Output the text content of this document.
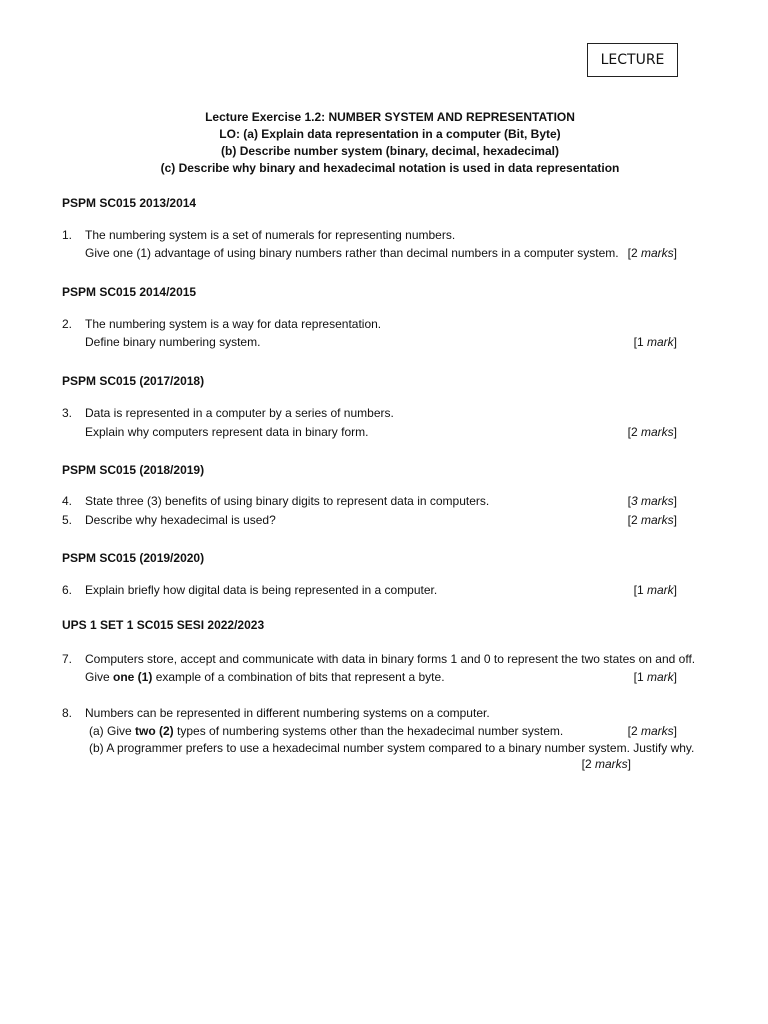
LECTURE
Lecture Exercise 1.2: NUMBER SYSTEM AND REPRESENTATION
LO: (a) Explain data representation in a computer (Bit, Byte)
(b) Describe number system (binary, decimal, hexadecimal)
(c) Describe why binary and hexadecimal notation is used in data representation
PSPM SC015 2013/2014
1. The numbering system is a set of numerals for representing numbers.
Give one (1) advantage of using binary numbers rather than decimal numbers in a computer system. [2 marks]
PSPM SC015 2014/2015
2. The numbering system is a way for data representation.
Define binary numbering system.	[1 mark]
PSPM SC015 (2017/2018)
3. Data is represented in a computer by a series of numbers.
Explain why computers represent data in binary form.	[2 marks]
PSPM SC015 (2018/2019)
4. State three (3) benefits of using binary digits to represent data in computers.	[3 marks]
5. Describe why hexadecimal is used?	[2 marks]
PSPM SC015 (2019/2020)
6. Explain briefly how digital data is being represented in a computer.	[1 mark]
UPS 1 SET 1 SC015 SESI 2022/2023
7. Computers store, accept and communicate with data in binary forms 1 and 0 to represent the two states on and off.
Give one (1) example of a combination of bits that represent a byte.	[1 mark]
8. Numbers can be represented in different numbering systems on a computer.
(a) Give two (2) types of numbering systems other than the hexadecimal number system.	[2 marks]
(b) A programmer prefers to use a hexadecimal number system compared to a binary number system. Justify why.
[2 marks]
